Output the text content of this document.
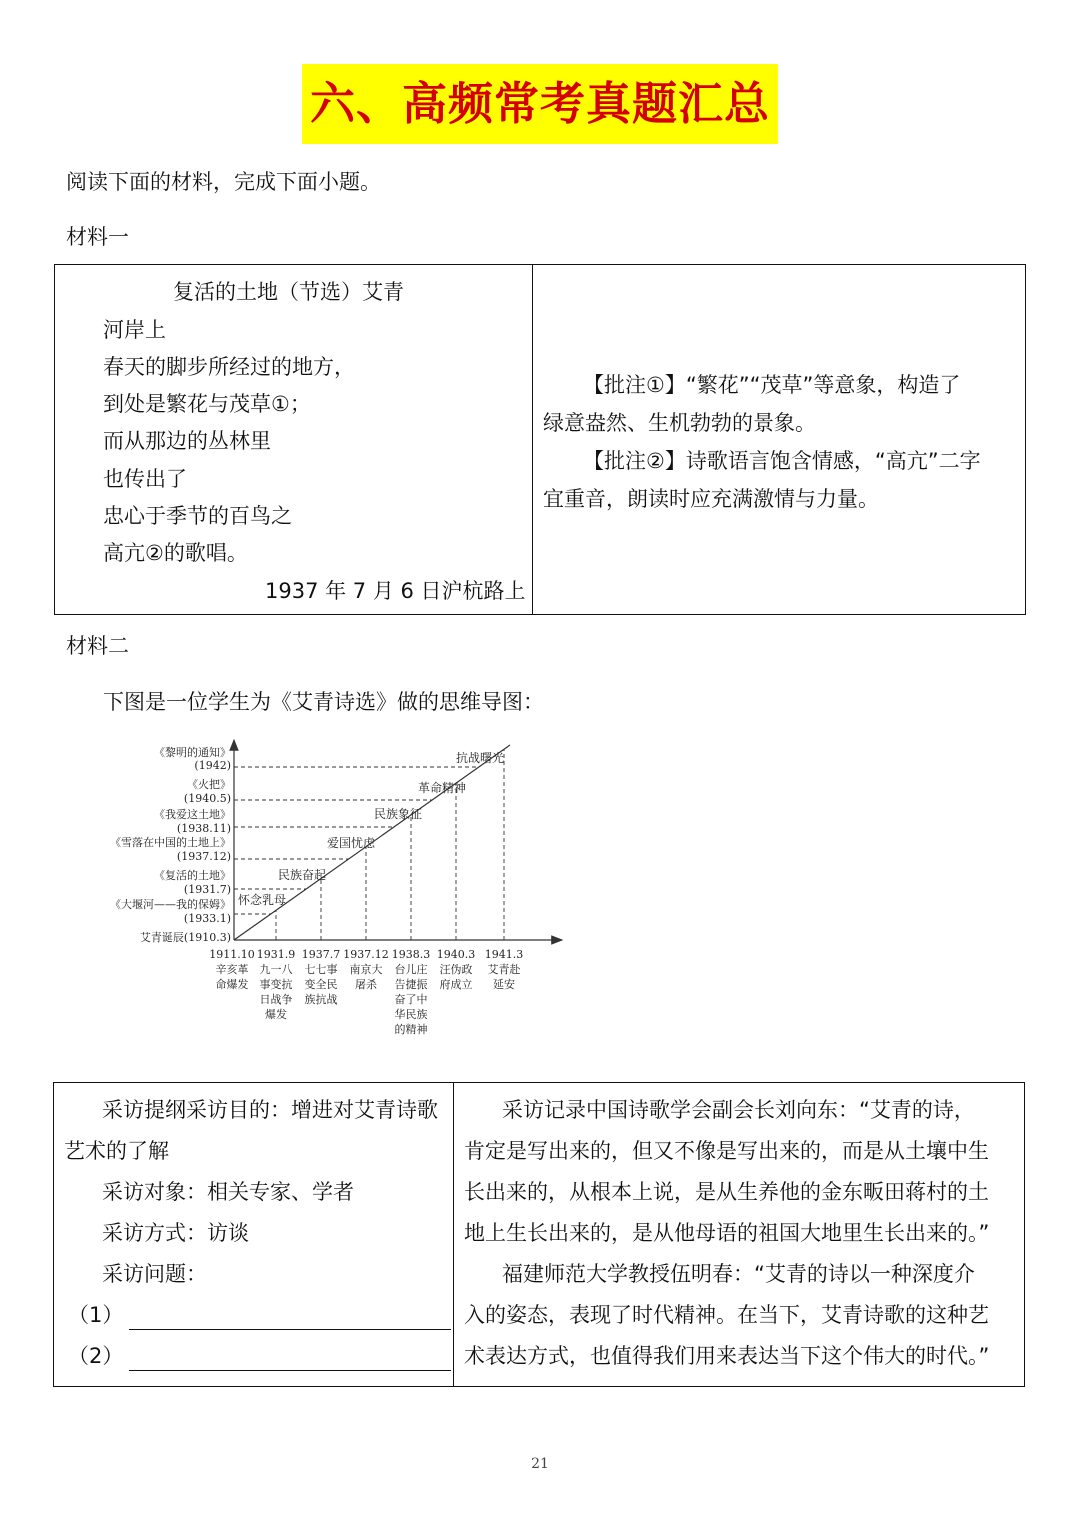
六、高频常考真题汇总
阅读下面的材料，完成下面小题。
材料一
复活的土地（节选）艾青
河岸上
春天的脚步所经过的地方，
到处是繁花与茂草①；
而从那边的丛林里
也传出了
忠心于季节的百鸟之
高亢②的歌唱。
1937 年 7 月 6 日沪杭路上
【批注①】“繁花”“茂草”等意象，构造了
绿意盎然、生机勃勃的景象。
【批注②】诗歌语言饱含情感，“高亢”二字
宜重音，朗读时应充满激情与力量。
材料二
下图是一位学生为《艾青诗选》做的思维导图：
《黎明的通知》
(1942)
《火把》
(1940.5)
《我爱这土地》
(1938.11)
《雪落在中国的土地上》
(1937.12)
《复活的土地》
(1931.7)
《大堰河——我的保姆》
(1933.1)
艾青诞辰(1910.3)
1911.10
辛亥革
命爆发
1931.9
九一八
事变抗
日战争
爆发
1937.7
七七事
变全民
族抗战
1937.12
南京大
屠杀
1938.3
台儿庄
告捷振
奋了中
华民族
的精神
1940.3
汪伪政
府成立
1941.3
艾青赴
延安
怀念乳母
民族奋起
爱国忧虑
民族象征
革命精神
抗战曙光
采访提纲采访目的：增进对艾青诗歌
艺术的了解
采访对象：相关专家、学者
采访方式：访谈
采访问题：
（1）
（2）
采访记录中国诗歌学会副会长刘向东：“艾青的诗，
肯定是写出来的，但又不像是写出来的，而是从土壤中生
长出来的，从根本上说，是从生养他的金东畈田蒋村的土
地上生长出来的，是从他母语的祖国大地里生长出来的。”
福建师范大学教授伍明春：“艾青的诗以一种深度介
入的姿态，表现了时代精神。在当下，艾青诗歌的这种艺
术表达方式，也值得我们用来表达当下这个伟大的时代。”
21
